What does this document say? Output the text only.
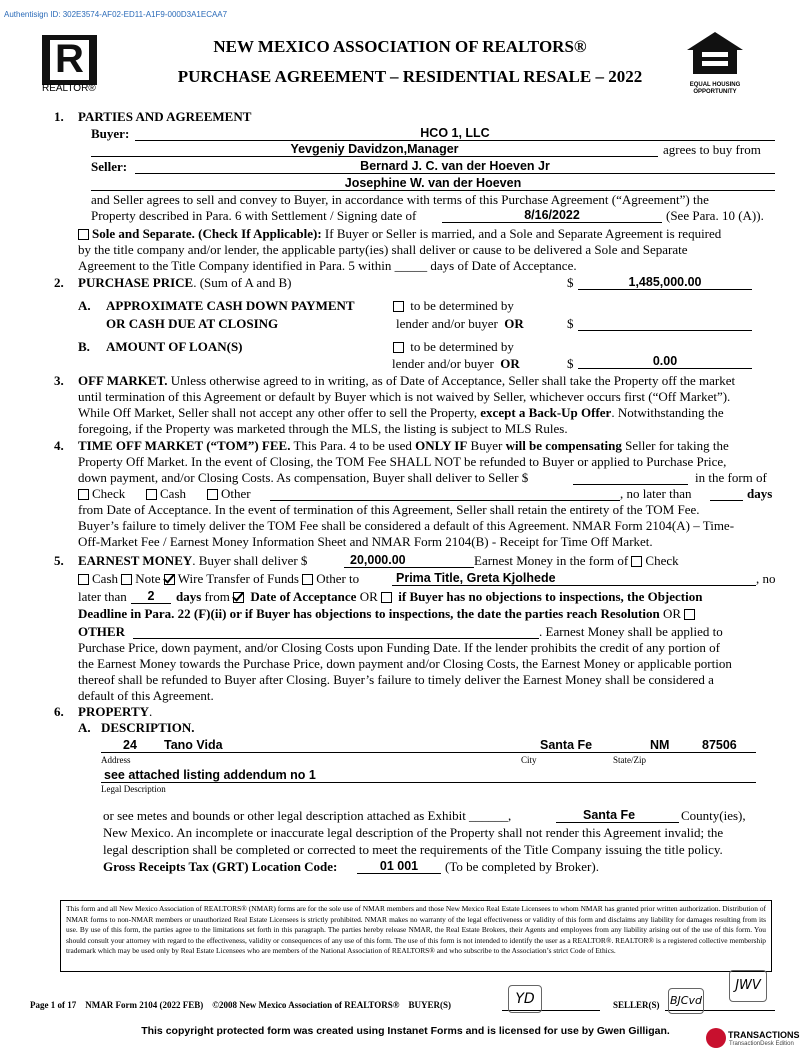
Authentisign ID: 302E3574-AF02-ED11-A1F9-000D3A1ECAA7
R
REALTOR®
NEW MEXICO ASSOCIATION OF REALTORS®
PURCHASE AGREEMENT – RESIDENTIAL RESALE – 2022	EQUAL HOUSING
OPPORTUNITY
1. PARTIES AND AGREEMENT
Buyer:	HCO 1, LLC
Yevgeniy Davidzon,Manager	agrees to buy from
Seller:	Bernard J. C. van der Hoeven Jr
Josephine W. van der Hoeven
and Seller agrees to sell and convey to Buyer, in accordance with terms of this Purchase Agreement (“Agreement”) the
Property described in Para. 6 with Settlement / Signing date of	8/16/2022	(See Para. 10 (A)).
Sole and Separate. (Check If Applicable): If Buyer or Seller is married, and a Sole and Separate Agreement is required
by the title company and/or lender, the applicable party(ies) shall deliver or cause to be delivered a Sole and Separate
Agreement to the Title Company identified in Para. 5 within _____ days of Date of Acceptance.
2. PURCHASE PRICE. (Sum of A and B)	$	1,485,000.00
A. APPROXIMATE CASH DOWN PAYMENT	to be determined by
OR CASH DUE AT CLOSING	lender and/or buyer OR	$
B. AMOUNT OF LOAN(S)	to be determined by
lender and/or buyer OR	$	0.00
3. OFF MARKET. Unless otherwise agreed to in writing, as of Date of Acceptance, Seller shall take the Property off the market
until termination of this Agreement or default by Buyer which is not waived by Seller, whichever occurs first (“Off Market”).
While Off Market, Seller shall not accept any other offer to sell the Property, except a Back-Up Offer. Notwithstanding the
foregoing, if the Property was marketed through the MLS, the listing is subject to MLS Rules.
4. TIME OFF MARKET (“TOM”) FEE. This Para. 4 to be used ONLY IF Buyer will be compensating Seller for taking the
Property Off Market. In the event of Closing, the TOM Fee SHALL NOT be refunded to Buyer or applied to Purchase Price,
down payment, and/or Closing Costs. As compensation, Buyer shall deliver to Seller $	in the form of
Check	Cash	Other	, no later than	days
from Date of Acceptance. In the event of termination of this Agreement, Seller shall retain the entirety of the TOM Fee.
Buyer’s failure to timely deliver the TOM Fee shall be considered a default of this Agreement. NMAR Form 2104(A) – Time-
Off-Market Fee / Earnest Money Information Sheet and NMAR Form 2104(B) - Receipt for Time Off Market.
5. EARNEST MONEY. Buyer shall deliver $	20,000.00	Earnest Money in the form of Check
Cash Note Wire Transfer of Funds Other to	Prima Title, Greta Kjolhede	, no
later than	2	days from Date of Acceptance OR if Buyer has no objections to inspections, the Objection
Deadline in Para. 22 (F)(ii) or if Buyer has objections to inspections, the date the parties reach Resolution OR
OTHER	. Earnest Money shall be applied to
Purchase Price, down payment, and/or Closing Costs upon Funding Date. If the lender prohibits the credit of any portion of
the Earnest Money towards the Purchase Price, down payment and/or Closing Costs, the Earnest Money or applicable portion
thereof shall be refunded to Buyer after Closing. Buyer’s failure to timely deliver the Earnest Money shall be considered a
default of this Agreement.
6. PROPERTY.
A. DESCRIPTION.
24 Tano Vida	Santa Fe	NM	87506
Address	City	State/Zip
see attached listing addendum no 1
Legal Description
or see metes and bounds or other legal description attached as Exhibit ______,	Santa Fe	County(ies),
New Mexico. An incomplete or inaccurate legal description of the Property shall not render this Agreement invalid; the
legal description shall be completed or corrected to meet the requirements of the Title Company issuing the title policy.
Gross Receipts Tax (GRT) Location Code:	01 001	(To be completed by Broker).
This form and all New Mexico Association of REALTORS® (NMAR) forms are for the sole use of NMAR members and those New Mexico Real Estate Licensees to whom NMAR has granted prior written authorization. Distribution of NMAR forms to non-NMAR members or unauthorized Real Estate Licensees is strictly prohibited. NMAR makes no warranty of the legal effectiveness or validity of this form and disclaims any liability for damages resulting from its use. By use of this form, the parties agree to the limitations set forth in this paragraph. The parties hereby release NMAR, the Real Estate Brokers, their Agents and employees from any liability arising out of the use of this form. You should consult your attorney with regard to the effectiveness, validity or consequences of any use of this form. The use of this form is not intended to identify the user as a REALTOR®. REALTOR® is a registered collective membership trademark which may be used only by Real Estate Licensees who are members of the National Association of REALTORS® and who subscribe to the Association’s strict Code of Ethics.
Page 1 of 17 NMAR Form 2104 (2022 FEB) ©2008 New Mexico Association of REALTORS® BUYER(S)	YD	SELLER(S) BJCvd
JWV
This copyright protected form was created using Instanet Forms and is licensed for use by Gwen Gilligan.	TRANSACTIONS
TransactionDesk Edition
